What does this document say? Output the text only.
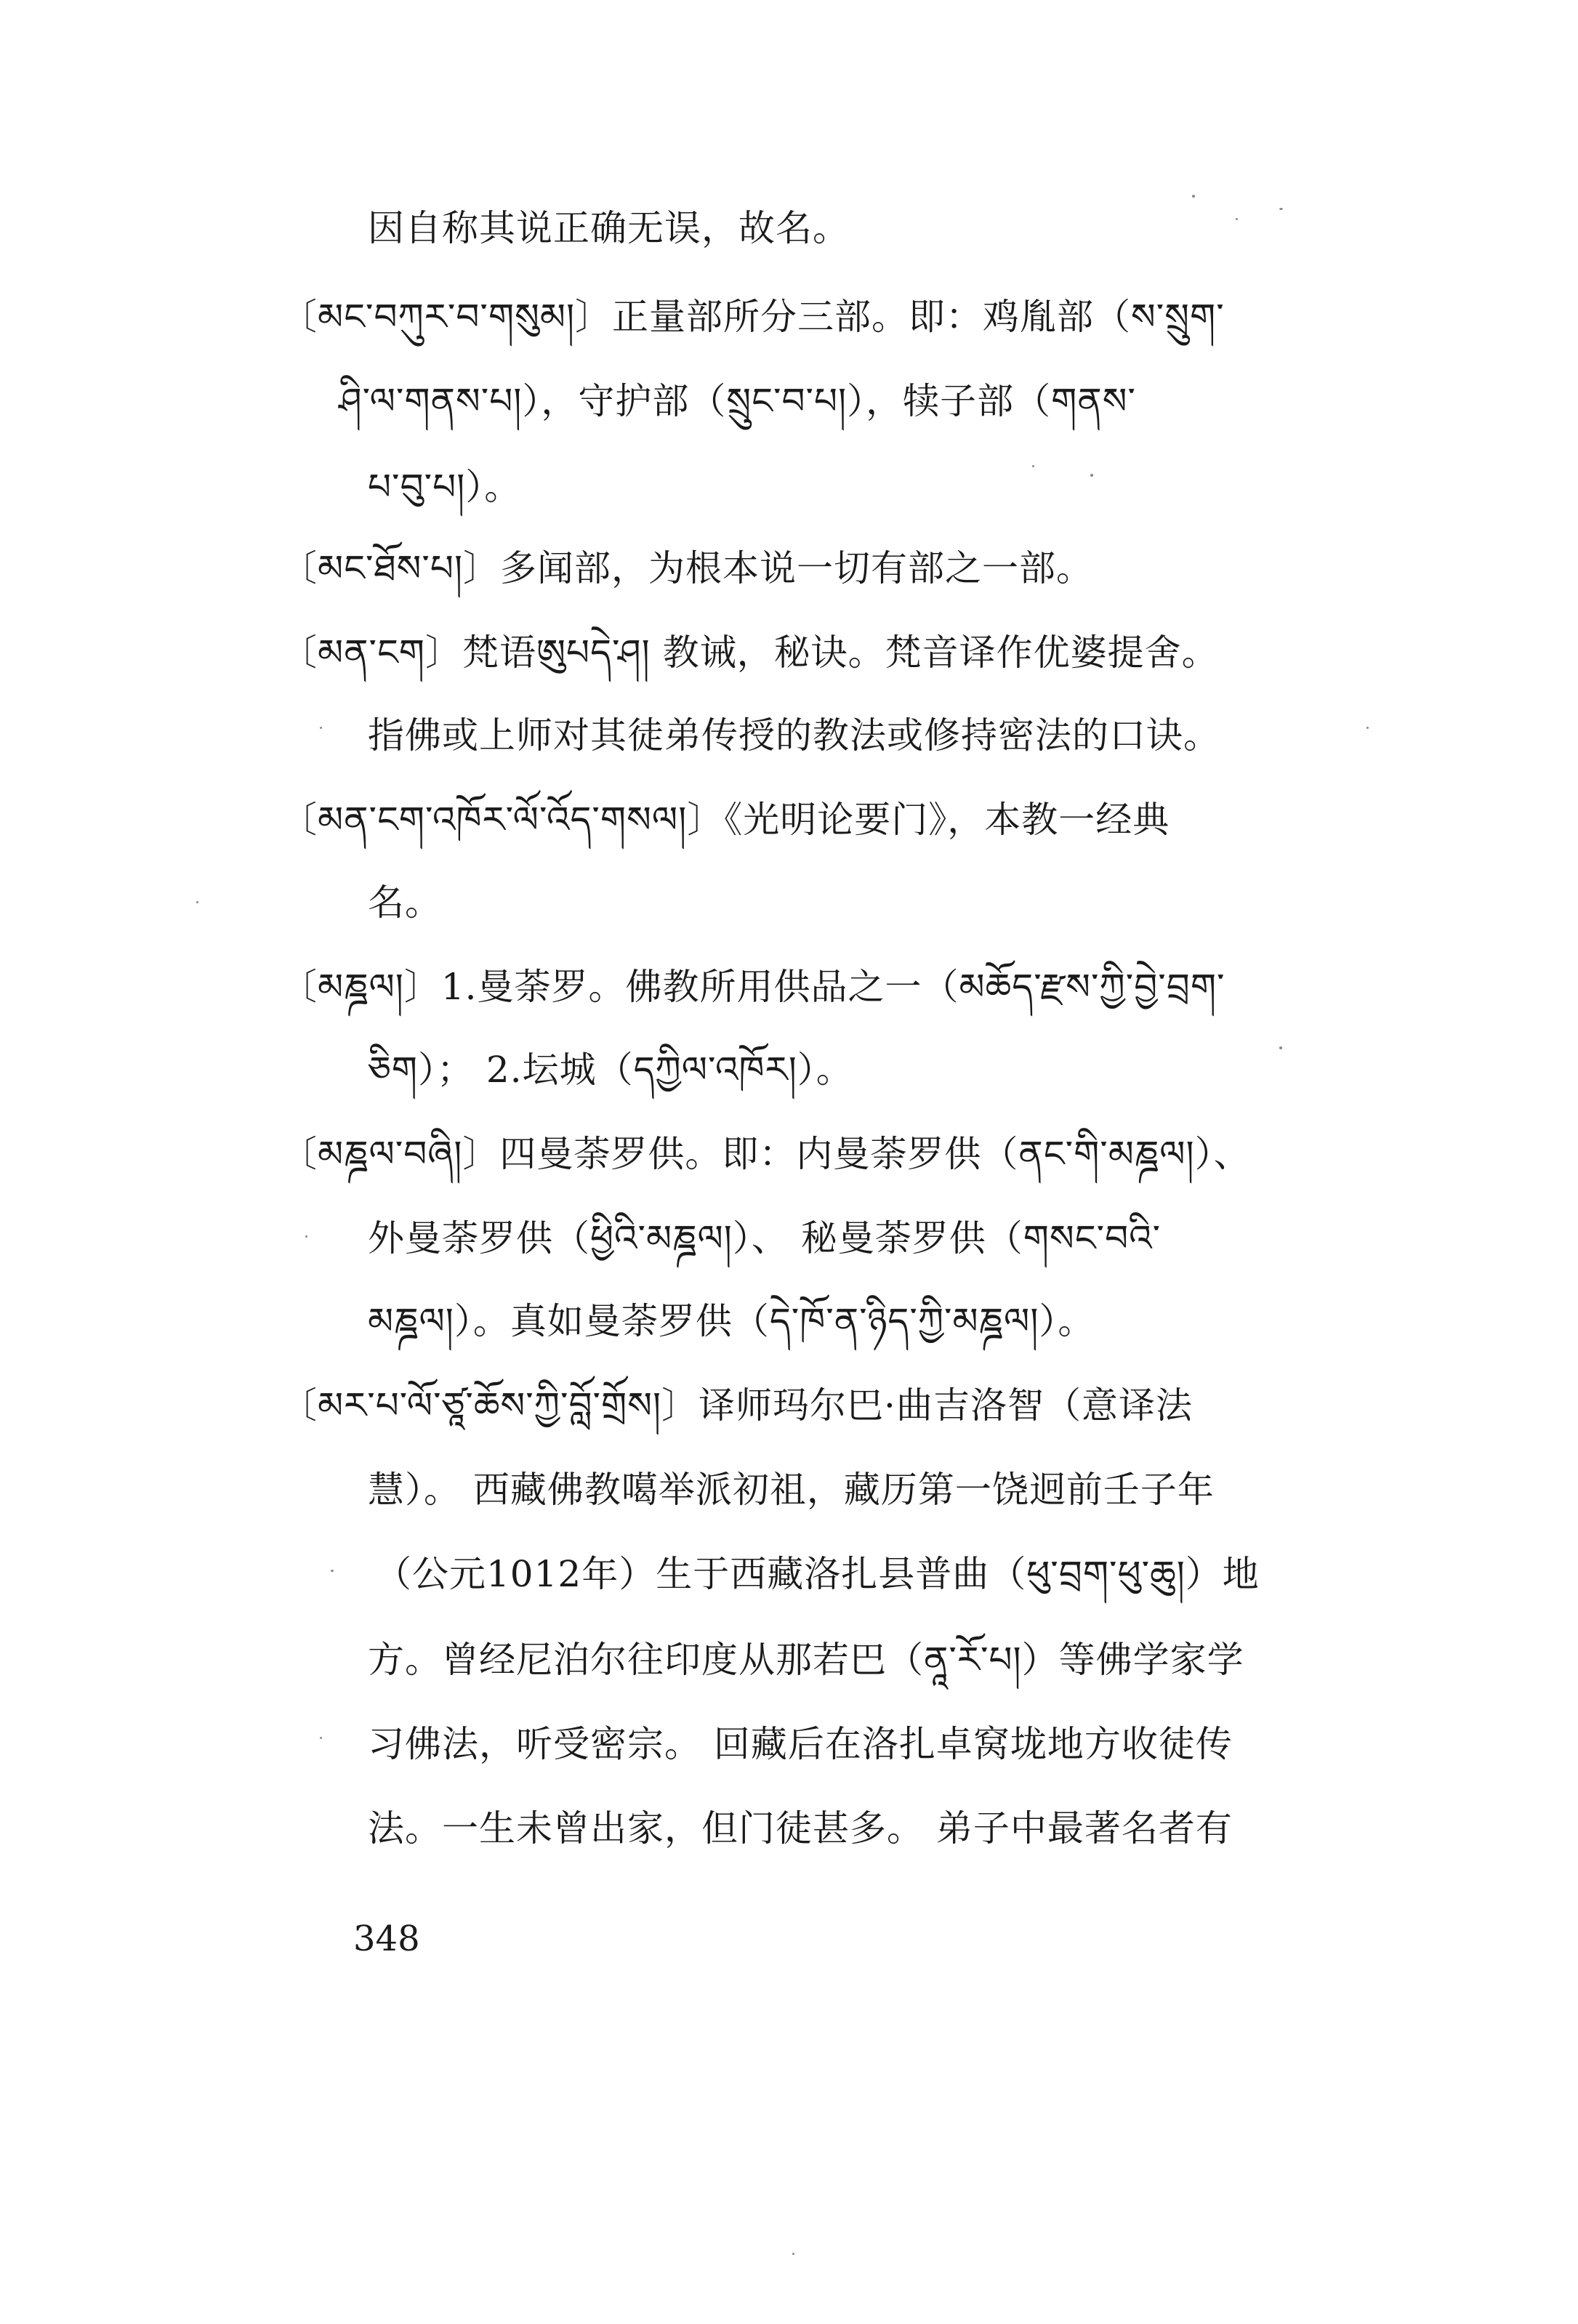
因自称其说正确无误，故名。
〔མང་བཀུར་བ་གསུམ།〕正量部所分三部。即：鸡胤部（ས་སྲུག་
ཤི་ལ་གནས་པ།），守护部（སྲུང་བ་པ།），犊子部（གནས་
པ་བུ་པ།）。
〔མང་ཐོས་པ།〕多闻部，为根本说一切有部之一部。
〔མན་ངག〕梵语ཨུཔདེ་ཤ། 教诫，秘诀。梵音译作优婆提舍。
指佛或上师对其徒弟传授的教法或修持密法的口诀。
〔མན་ངག་འཁོར་ལོ་འོད་གསལ།〕《光明论要门》，本教一经典
名。
〔མཎྜལ།〕1.曼荼罗。佛教所用供品之一（མཆོད་རྫས་ཀྱི་བྱེ་བྲག་
ཅིག）； 2.坛城（དཀྱིལ་འཁོར།）。
〔མཎྜལ་བཞི།〕四曼荼罗供。即：内曼荼罗供（ནང་གི་མཎྜལ།）、
外曼荼罗供（ཕྱིའི་མཎྜལ།）、 秘曼荼罗供（གསང་བའི་
མཎྜལ།）。真如曼荼罗供（དེ་ཁོ་ན་ཉིད་ཀྱི་མཎྜལ།）。
〔མར་པ་ལོ་ཙཱ་ཆོས་ཀྱི་བློ་གྲོས།〕译师玛尔巴·曲吉洛智（意译法
慧）。 西藏佛教噶举派初祖，藏历第一饶迥前壬子年
（公元1012年）生于西藏洛扎县普曲（ཕུ་བྲག་ཕུ་ཆུ།）地
方。曾经尼泊尔往印度从那若巴（ནཱ་རོ་པ།）等佛学家学
习佛法，听受密宗。 回藏后在洛扎卓窝垅地方收徒传
法。一生未曾出家，但门徒甚多。 弟子中最著名者有
348
